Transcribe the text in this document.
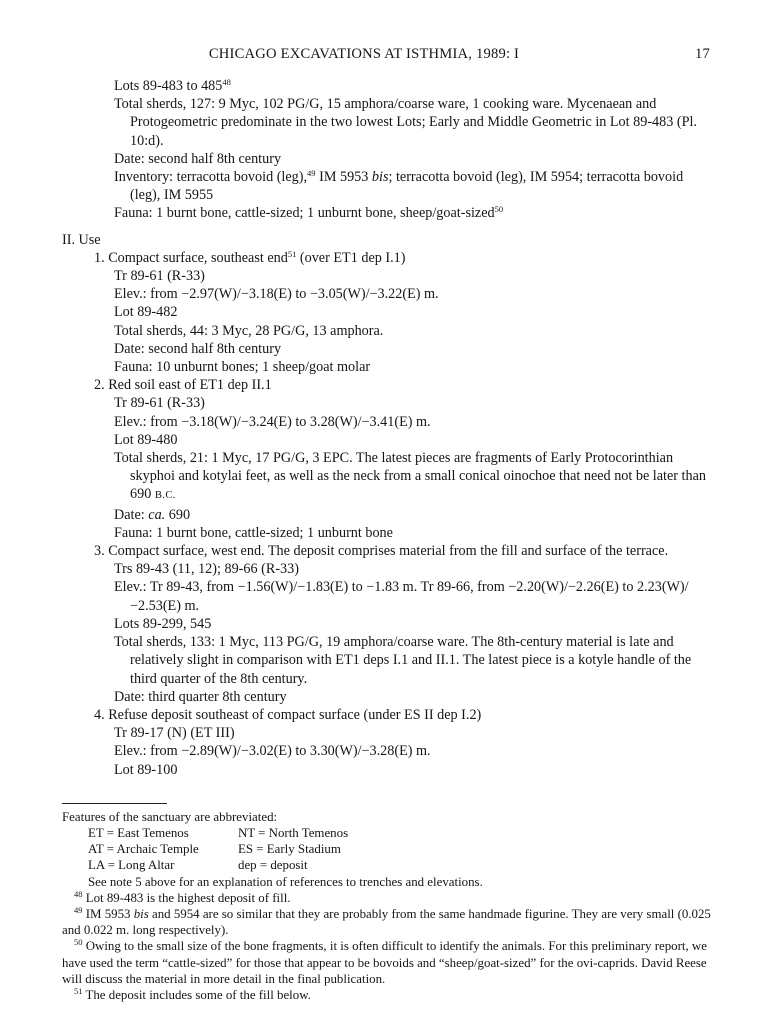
CHICAGO EXCAVATIONS AT ISTHMIA, 1989: I	17
Lots 89-483 to $485^{48}$
Total sherds, 127: 9 Myc, 102 PG/G, 15 amphora/coarse ware, 1 cooking ware. Mycenaean and Protogeometric predominate in the two lowest Lots; Early and Middle Geometric in Lot 89-483 (Pl. 10:d).
Date: second half 8th century
Inventory: terracotta bovoid (leg),$^{49}$ IM 5953 bis; terracotta bovoid (leg), IM 5954; terracotta bovoid (leg), IM 5955
Fauna: 1 burnt bone, cattle-sized; 1 unburnt bone, sheep/goat-sized$^{50}$
II. Use
1. Compact surface, southeast end$^{51}$ (over ET1 dep I.1)
Tr 89-61 (R-33)
Elev.: from −2.97(W)/−3.18(E) to −3.05(W)/−3.22(E) m.
Lot 89-482
Total sherds, 44: 3 Myc, 28 PG/G, 13 amphora.
Date: second half 8th century
Fauna: 10 unburnt bones; 1 sheep/goat molar
2. Red soil east of ET1 dep II.1
Tr 89-61 (R-33)
Elev.: from −3.18(W)/−3.24(E) to 3.28(W)/−3.41(E) m.
Lot 89-480
Total sherds, 21: 1 Myc, 17 PG/G, 3 EPC. The latest pieces are fragments of Early Protocorinthian skyphoi and kotylai feet, as well as the neck from a small conical oinochoe that need not be later than 690 B.C.
Date: ca. 690
Fauna: 1 burnt bone, cattle-sized; 1 unburnt bone
3. Compact surface, west end. The deposit comprises material from the fill and surface of the terrace.
Trs 89-43 (11, 12); 89-66 (R-33)
Elev.: Tr 89-43, from −1.56(W)/−1.83(E) to −1.83 m. Tr 89-66, from −2.20(W)/−2.26(E) to 2.23(W)/−2.53(E) m.
Lots 89-299, 545
Total sherds, 133: 1 Myc, 113 PG/G, 19 amphora/coarse ware. The 8th-century material is late and relatively slight in comparison with ET1 deps I.1 and II.1. The latest piece is a kotyle handle of the third quarter of the 8th century.
Date: third quarter 8th century
4. Refuse deposit southeast of compact surface (under ES II dep I.2)
Tr 89-17 (N) (ET III)
Elev.: from −2.89(W)/−3.02(E) to 3.30(W)/−3.28(E) m.
Lot 89-100
Features of the sanctuary are abbreviated:
ET = East Temenos	NT = North Temenos
AT = Archaic Temple	ES = Early Stadium
LA = Long Altar	dep = deposit
See note 5 above for an explanation of references to trenches and elevations.
$^{48}$ Lot 89-483 is the highest deposit of fill.
$^{49}$ IM 5953 bis and 5954 are so similar that they are probably from the same handmade figurine. They are very small (0.025 and 0.022 m. long respectively).
$^{50}$ Owing to the small size of the bone fragments, it is often difficult to identify the animals. For this preliminary report, we have used the term “cattle-sized” for those that appear to be bovoids and “sheep/goat-sized” for the ovi-caprids. David Reese will discuss the material in more detail in the final publication.
$^{51}$ The deposit includes some of the fill below.
